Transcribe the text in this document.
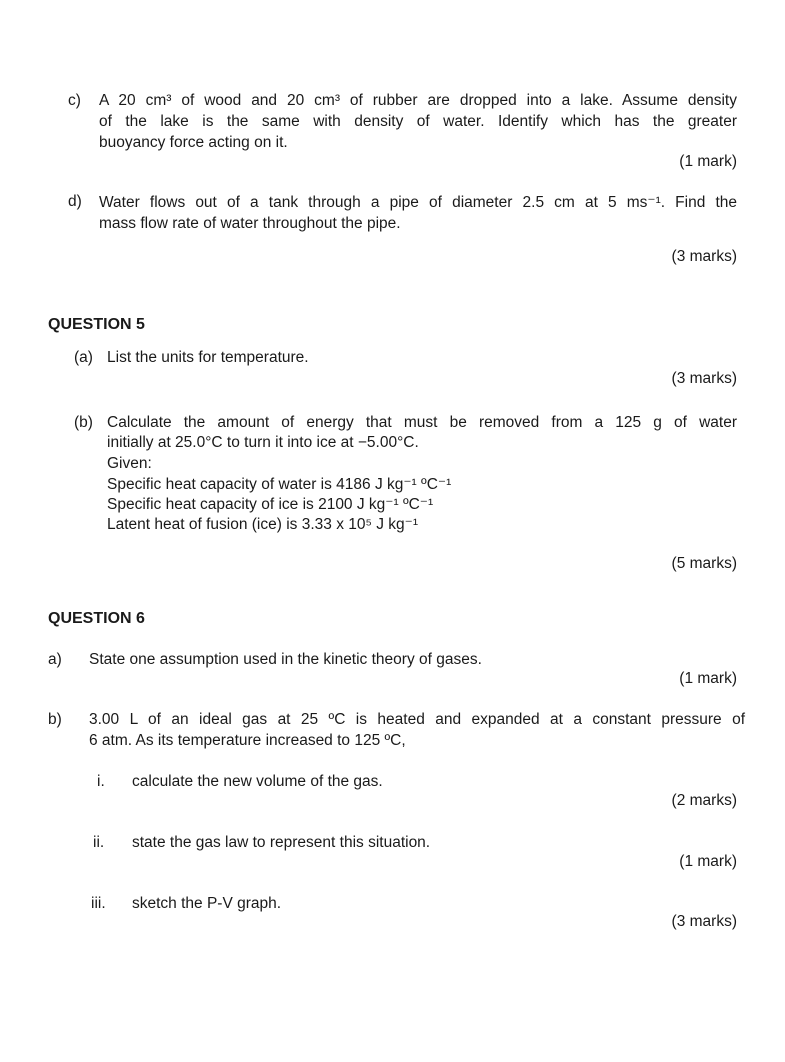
c) A 20 cm³ of wood and 20 cm³ of rubber are dropped into a lake. Assume density
of the lake is the same with density of water. Identify which has the greater
buoyancy force acting on it.
(1 mark)
d) Water flows out of a tank through a pipe of diameter 2.5 cm at 5 ms⁻¹. Find the
mass flow rate of water throughout the pipe.
(3 marks)
QUESTION 5
(a) List the units for temperature.
(3 marks)
(b) Calculate the amount of energy that must be removed from a 125 g of water
initially at 25.0°C to turn it into ice at −5.00°C.
Given:
Specific heat capacity of water is 4186 J kg⁻¹ ºC⁻¹
Specific heat capacity of ice is 2100 J kg⁻¹ ºC⁻¹
Latent heat of fusion (ice) is 3.33 x 10⁵ J kg⁻¹
(5 marks)
QUESTION 6
a) State one assumption used in the kinetic theory of gases.
(1 mark)
b) 3.00 L of an ideal gas at 25 ºC is heated and expanded at a constant pressure of
6 atm. As its temperature increased to 125 ºC,
i. calculate the new volume of the gas.
(2 marks)
ii. state the gas law to represent this situation.
(1 mark)
iii. sketch the P-V graph.
(3 marks)
